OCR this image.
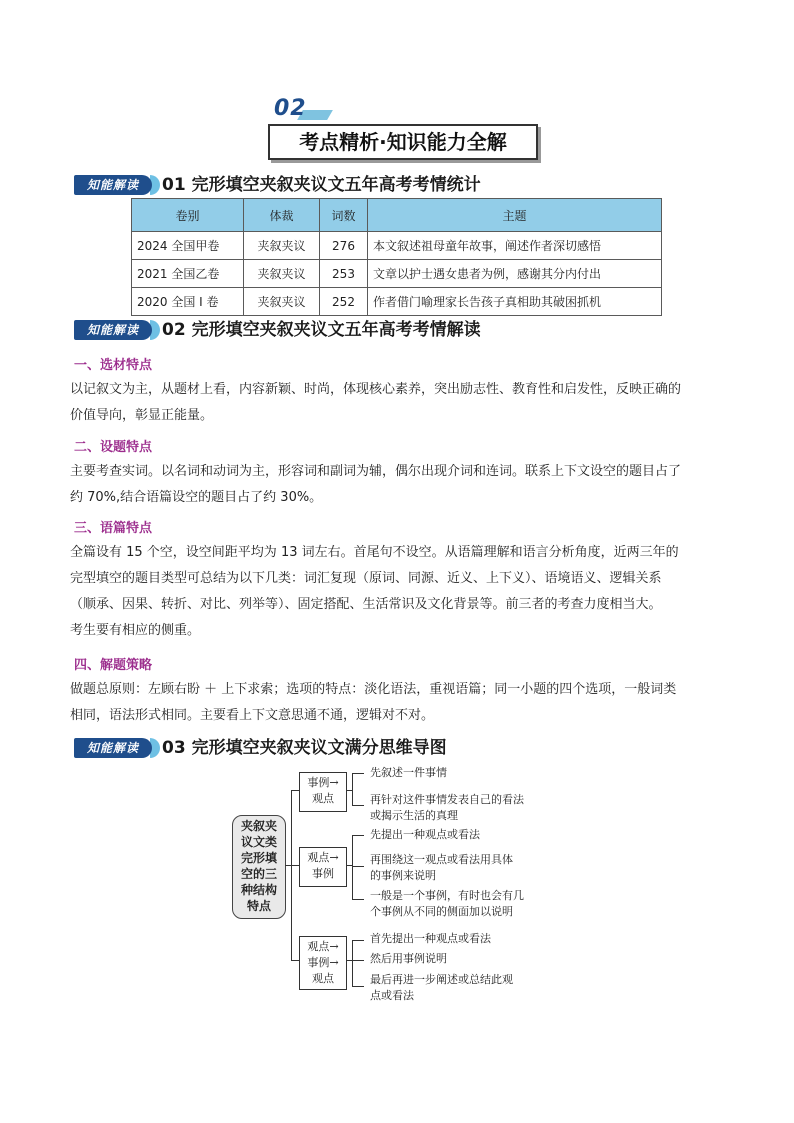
02
考点精析·知识能力全解
知能解读	01 完形填空夹叙夹议文五年高考考情统计
卷别	体裁	词数	主题
2024 全国甲卷	夹叙夹议	276	本文叙述祖母童年故事，阐述作者深切感悟
2021 全国乙卷	夹叙夹议	253	文章以护士遇女患者为例，感谢其分内付出
2020 全国 I 卷	夹叙夹议	252	作者借门喻理家长告孩子真相助其破困抓机
知能解读	02 完形填空夹叙夹议文五年高考考情解读
一、选材特点
以记叙文为主，从题材上看，内容新颖、时尚，体现核心素养，突出励志性、教育性和启发性，反映正确的
价值导向，彰显正能量。
二、设题特点
主要考查实词。以名词和动词为主，形容词和副词为辅，偶尔出现介词和连词。联系上下文设空的题目占了
约 70%,结合语篇设空的题目占了约 30%。
三、语篇特点
全篇设有 15 个空，设空间距平均为 13 词左右。首尾句不设空。从语篇理解和语言分析角度，近两三年的
完型填空的题目类型可总结为以下几类：词汇复现（原词、同源、近义、上下义）、语境语义、逻辑关系
（顺承、因果、转折、对比、列举等）、固定搭配、生活常识及文化背景等。前三者的考查力度相当大。
考生要有相应的侧重。
四、解题策略
做题总原则：左顾右盼 ＋ 上下求索；选项的特点：淡化语法，重视语篇；同一小题的四个选项，一般词类
相同，语法形式相同。主要看上下文意思通不通，逻辑对不对。
知能解读	03 完形填空夹叙夹议文满分思维导图
夹叙夹
议文类
完形填
空的三
种结构
特点
事例→
观点
先叙述一件事情
再针对这件事情发表自己的看法
或揭示生活的真理
观点→
事例
先提出一种观点或看法
再围绕这一观点或看法用具体
的事例来说明
一般是一个事例，有时也会有几
个事例从不同的侧面加以说明
观点→
事例→
观点
首先提出一种观点或看法
然后用事例说明
最后再进一步阐述或总结此观
点或看法
